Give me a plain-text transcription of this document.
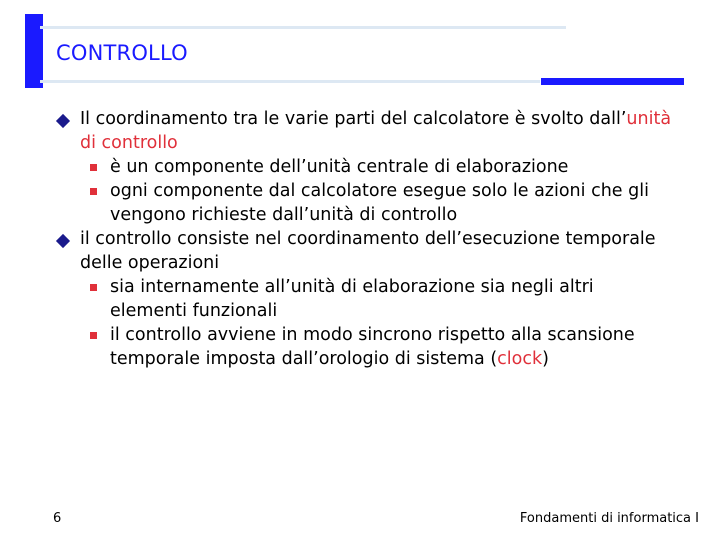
CONTROLLO
Il coordinamento tra le varie parti del calcolatore è svolto dall’unità di controllo
è un componente dell’unità centrale di elaborazione
ogni componente dal calcolatore esegue solo le azioni che gli vengono richieste dall’unità di controllo
il controllo consiste nel coordinamento dell’esecuzione temporale delle operazioni
sia internamente all’unità di elaborazione sia negli altri elementi funzionali
il controllo avviene in modo sincrono rispetto alla scansione temporale imposta dall’orologio di sistema (clock)
6	Fondamenti di informatica I
